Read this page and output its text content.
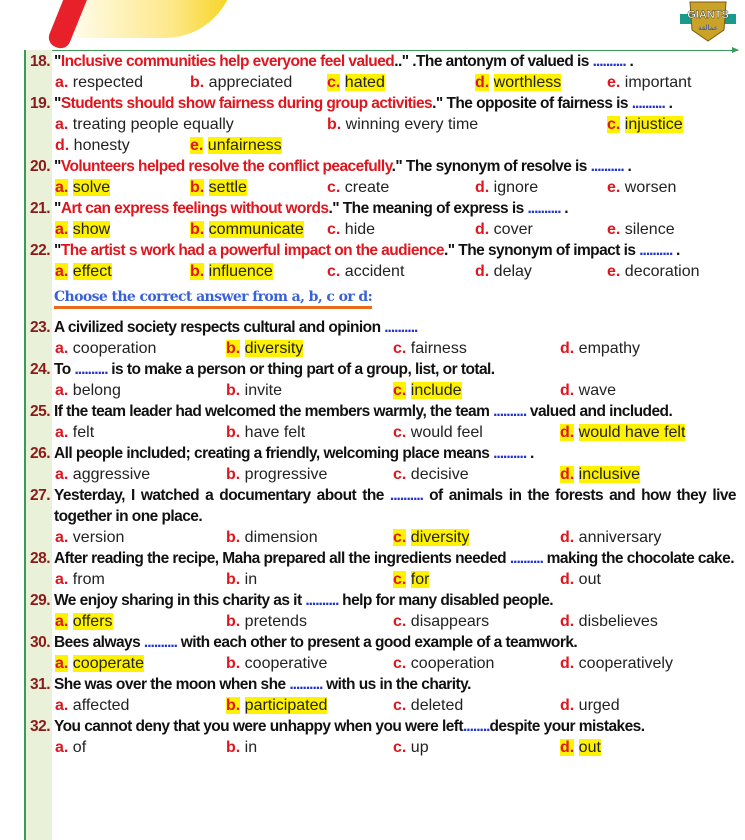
GIANTS
عمالقة
18. "Inclusive communities help everyone feel valued.." .The antonym of valued is .......... .
a. respected	b. appreciated c. hated	d. worthless	e. important
19. "Students should show fairness during group activities." The opposite of fairness is .......... .
a. treating people equally	b. winning every time	c. injustice
d. honesty	e. unfairness
20. "Volunteers helped resolve the conflict peacefully." The synonym of resolve is .......... .
a. solve	b. settle	c. create	d. ignore	e. worsen
21. "Art can express feelings without words." The meaning of express is .......... .
a. show	b. communicate c. hide	d. cover	e. silence
22. "The artist s work had a powerful impact on the audience." The synonym of impact is .......... .
a. effect	b. influence	c. accident	d. delay	e. decoration
Choose the correct answer from a, b, c or d:
23. A civilized society respects cultural and opinion ..........
a. cooperation	b. diversity	c. fairness	d. empathy
24. To .......... is to make a person or thing part of a group, list, or total.
a. belong	b. invite	c. include	d. wave
25. If the team leader had welcomed the members warmly, the team .......... valued and included.
a. felt	b. have felt	c. would feel	d. would have felt
26. All people included; creating a friendly, welcoming place means .......... .
a. aggressive	b. progressive	c. decisive	d. inclusive
27. Yesterday, I watched a documentary about the .......... of animals in the forests and how they live together in one place.
a. version	b. dimension	c. diversity	d. anniversary
28. After reading the recipe, Maha prepared all the ingredients needed .......... making the chocolate cake.
a. from	b. in	c. for	d. out
29. We enjoy sharing in this charity as it .......... help for many disabled people.
a. offers	b. pretends	c. disappears	d. disbelieves
30. Bees always .......... with each other to present a good example of a teamwork.
a. cooperate	b. cooperative	c. cooperation	d. cooperatively
31. She was over the moon when she .......... with us in the charity.
a. affected	b. participated	c. deleted	d. urged
32. You cannot deny that you were unhappy when you were left........despite your mistakes.
a. of	b. in	c. up	d. out
